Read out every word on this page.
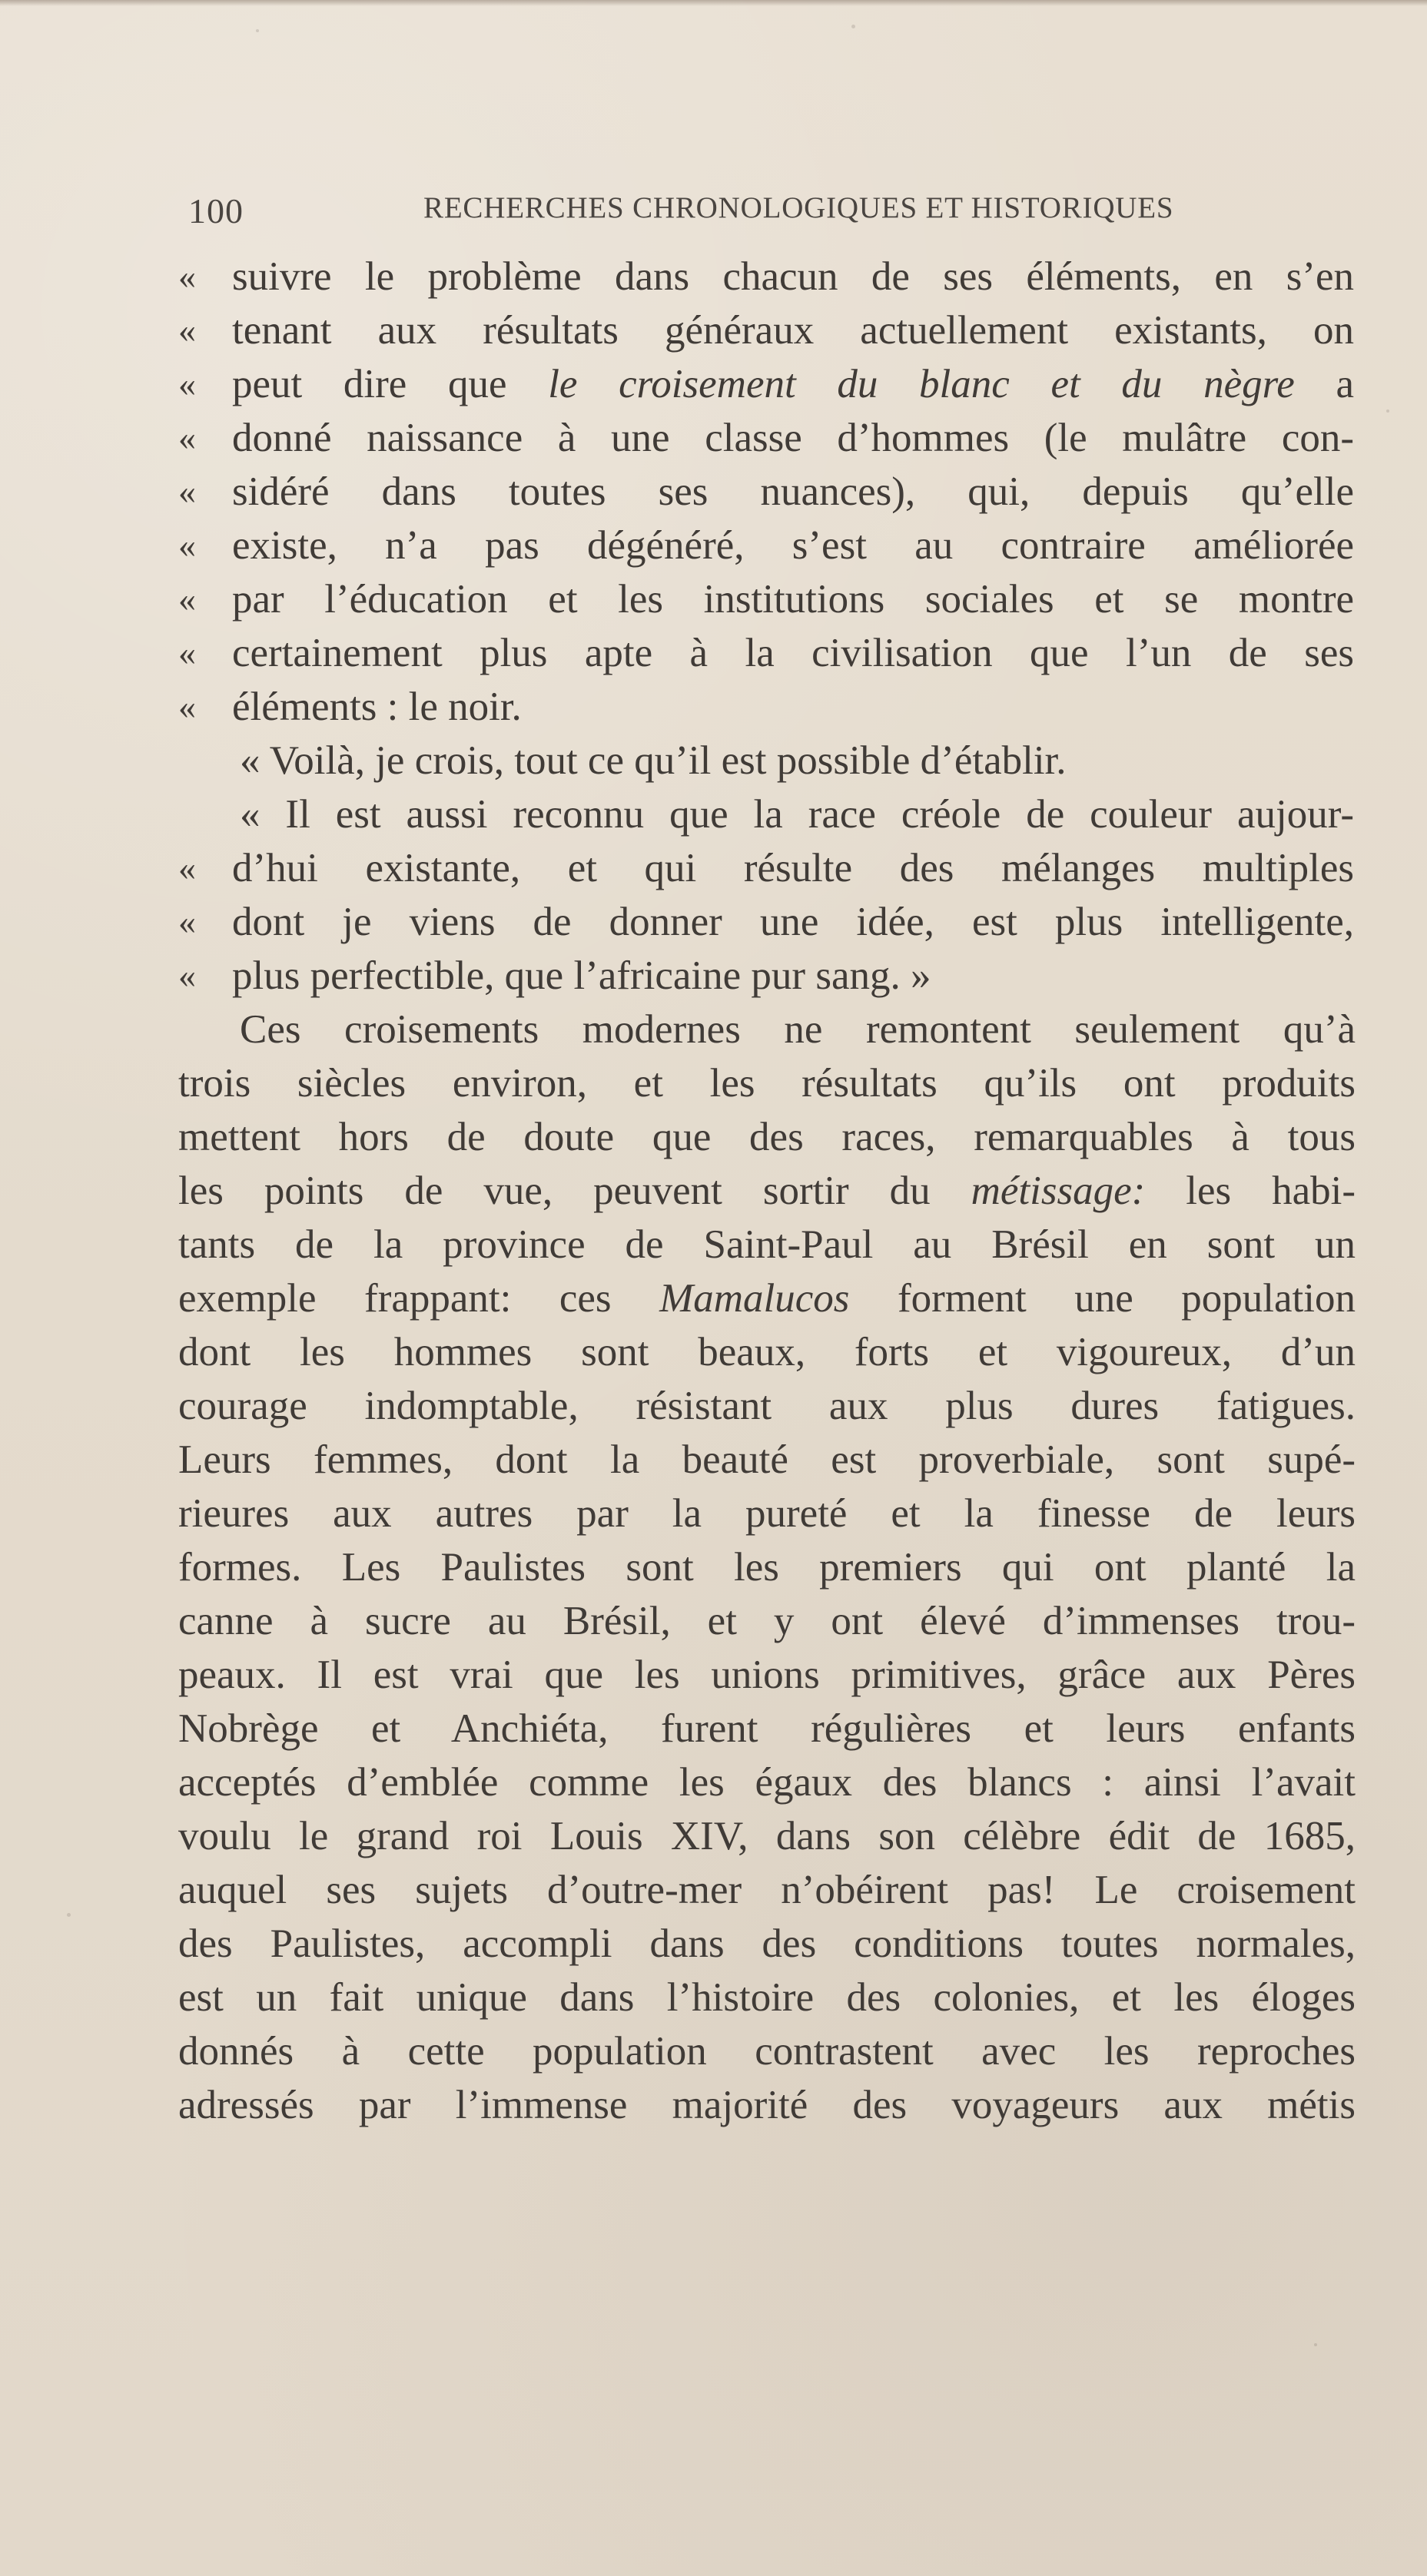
100	RECHERCHES CHRONOLOGIQUES ET HISTORIQUES
« suivre le problème dans chacun de ses éléments, en s’en
« tenant aux résultats généraux actuellement existants, on
« peut dire que le croisement du blanc et du nègre a
« donné naissance à une classe d’hommes (le mulâtre con-
« sidéré dans toutes ses nuances), qui, depuis qu’elle
« existe, n’a pas dégénéré, s’est au contraire améliorée
« par l’éducation et les institutions sociales et se montre
« certainement plus apte à la civilisation que l’un de ses
« éléments : le noir.
« Voilà, je crois, tout ce qu’il est possible d’établir.
« Il est aussi reconnu que la race créole de couleur aujour-
« d’hui existante, et qui résulte des mélanges multiples
« dont je viens de donner une idée, est plus intelligente,
« plus perfectible, que l’africaine pur sang. »
Ces croisements modernes ne remontent seulement qu’à
trois siècles environ, et les résultats qu’ils ont produits
mettent hors de doute que des races, remarquables à tous
les points de vue, peuvent sortir du métissage: les habi-
tants de la province de Saint-Paul au Brésil en sont un
exemple frappant: ces Mamalucos forment une population
dont les hommes sont beaux, forts et vigoureux, d’un
courage indomptable, résistant aux plus dures fatigues.
Leurs femmes, dont la beauté est proverbiale, sont supé-
rieures aux autres par la pureté et la finesse de leurs
formes. Les Paulistes sont les premiers qui ont planté la
canne à sucre au Brésil, et y ont élevé d’immenses trou-
peaux. Il est vrai que les unions primitives, grâce aux Pères
Nobrège et Anchiéta, furent régulières et leurs enfants
acceptés d’emblée comme les égaux des blancs : ainsi l’avait
voulu le grand roi Louis XIV, dans son célèbre édit de 1685,
auquel ses sujets d’outre-mer n’obéirent pas! Le croisement
des Paulistes, accompli dans des conditions toutes normales,
est un fait unique dans l’histoire des colonies, et les éloges
donnés à cette population contrastent avec les reproches
adressés par l’immense majorité des voyageurs aux métis
